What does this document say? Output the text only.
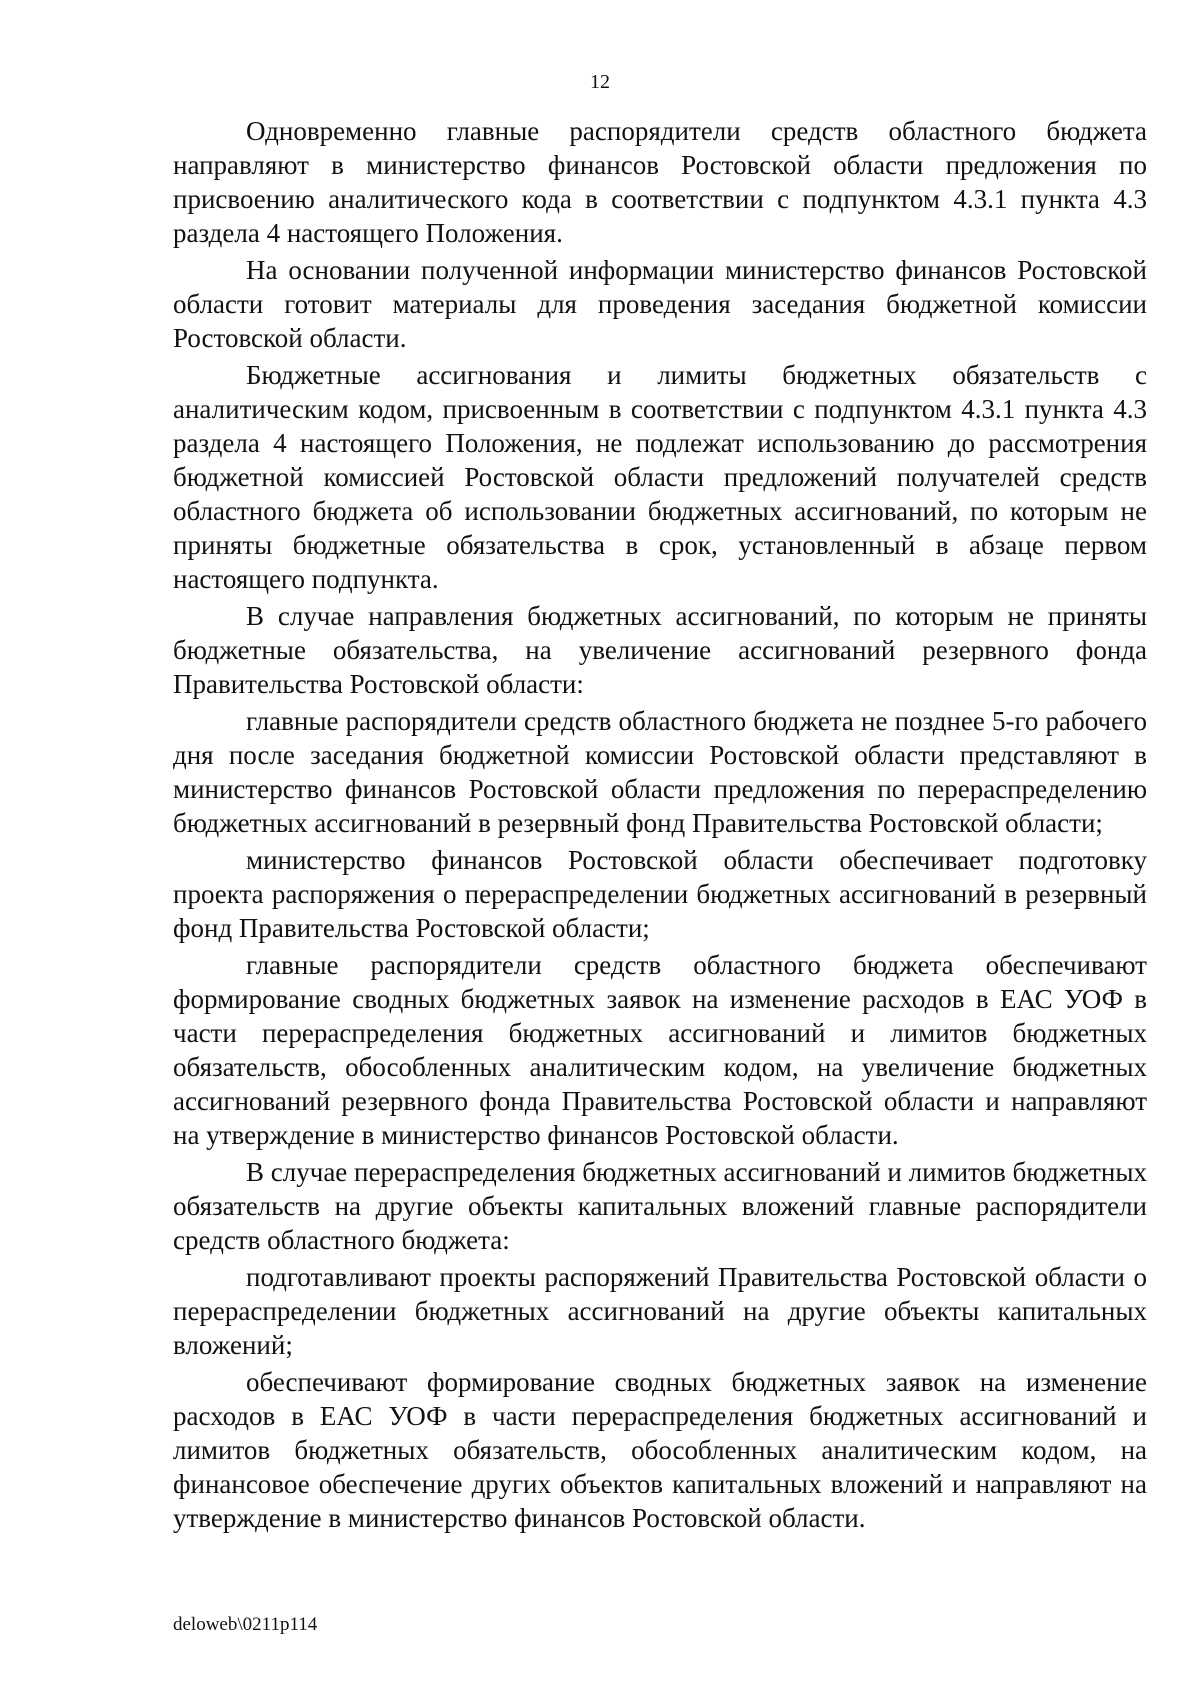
12

Одновременно главные распорядители средств областного бюджета направляют в министерство финансов Ростовской области предложения по присвоению аналитического кода в соответствии с подпунктом 4.3.1 пункта 4.3 раздела 4 настоящего Положения.

На основании полученной информации министерство финансов Ростовской области готовит материалы для проведения заседания бюджетной комиссии Ростовской области.

Бюджетные ассигнования и лимиты бюджетных обязательств с аналитическим кодом, присвоенным в соответствии с подпунктом 4.3.1 пункта 4.3 раздела 4 настоящего Положения, не подлежат использованию до рассмотрения бюджетной комиссией Ростовской области предложений получателей средств областного бюджета об использовании бюджетных ассигнований, по которым не приняты бюджетные обязательства в срок, установленный в абзаце первом настоящего подпункта.

В случае направления бюджетных ассигнований, по которым не приняты бюджетные обязательства, на увеличение ассигнований резервного фонда Правительства Ростовской области:

главные распорядители средств областного бюджета не позднее 5-го рабочего дня после заседания бюджетной комиссии Ростовской области представляют в министерство финансов Ростовской области предложения по перераспределению бюджетных ассигнований в резервный фонд Правительства Ростовской области;

министерство финансов Ростовской области обеспечивает подготовку проекта распоряжения о перераспределении бюджетных ассигнований в резервный фонд Правительства Ростовской области;

главные распорядители средств областного бюджета обеспечивают формирование сводных бюджетных заявок на изменение расходов в ЕАС УОФ в части перераспределения бюджетных ассигнований и лимитов бюджетных обязательств, обособленных аналитическим кодом, на увеличение бюджетных ассигнований резервного фонда Правительства Ростовской области и направляют на утверждение в министерство финансов Ростовской области.

В случае перераспределения бюджетных ассигнований и лимитов бюджетных обязательств на другие объекты капитальных вложений главные распорядители средств областного бюджета:

подготавливают проекты распоряжений Правительства Ростовской области о перераспределении бюджетных ассигнований на другие объекты капитальных вложений;

обеспечивают формирование сводных бюджетных заявок на изменение расходов в ЕАС УОФ в части перераспределения бюджетных ассигнований и лимитов бюджетных обязательств, обособленных аналитическим кодом, на финансовое обеспечение других объектов капитальных вложений и направляют на утверждение в министерство финансов Ростовской области.

deloweb\0211p114
